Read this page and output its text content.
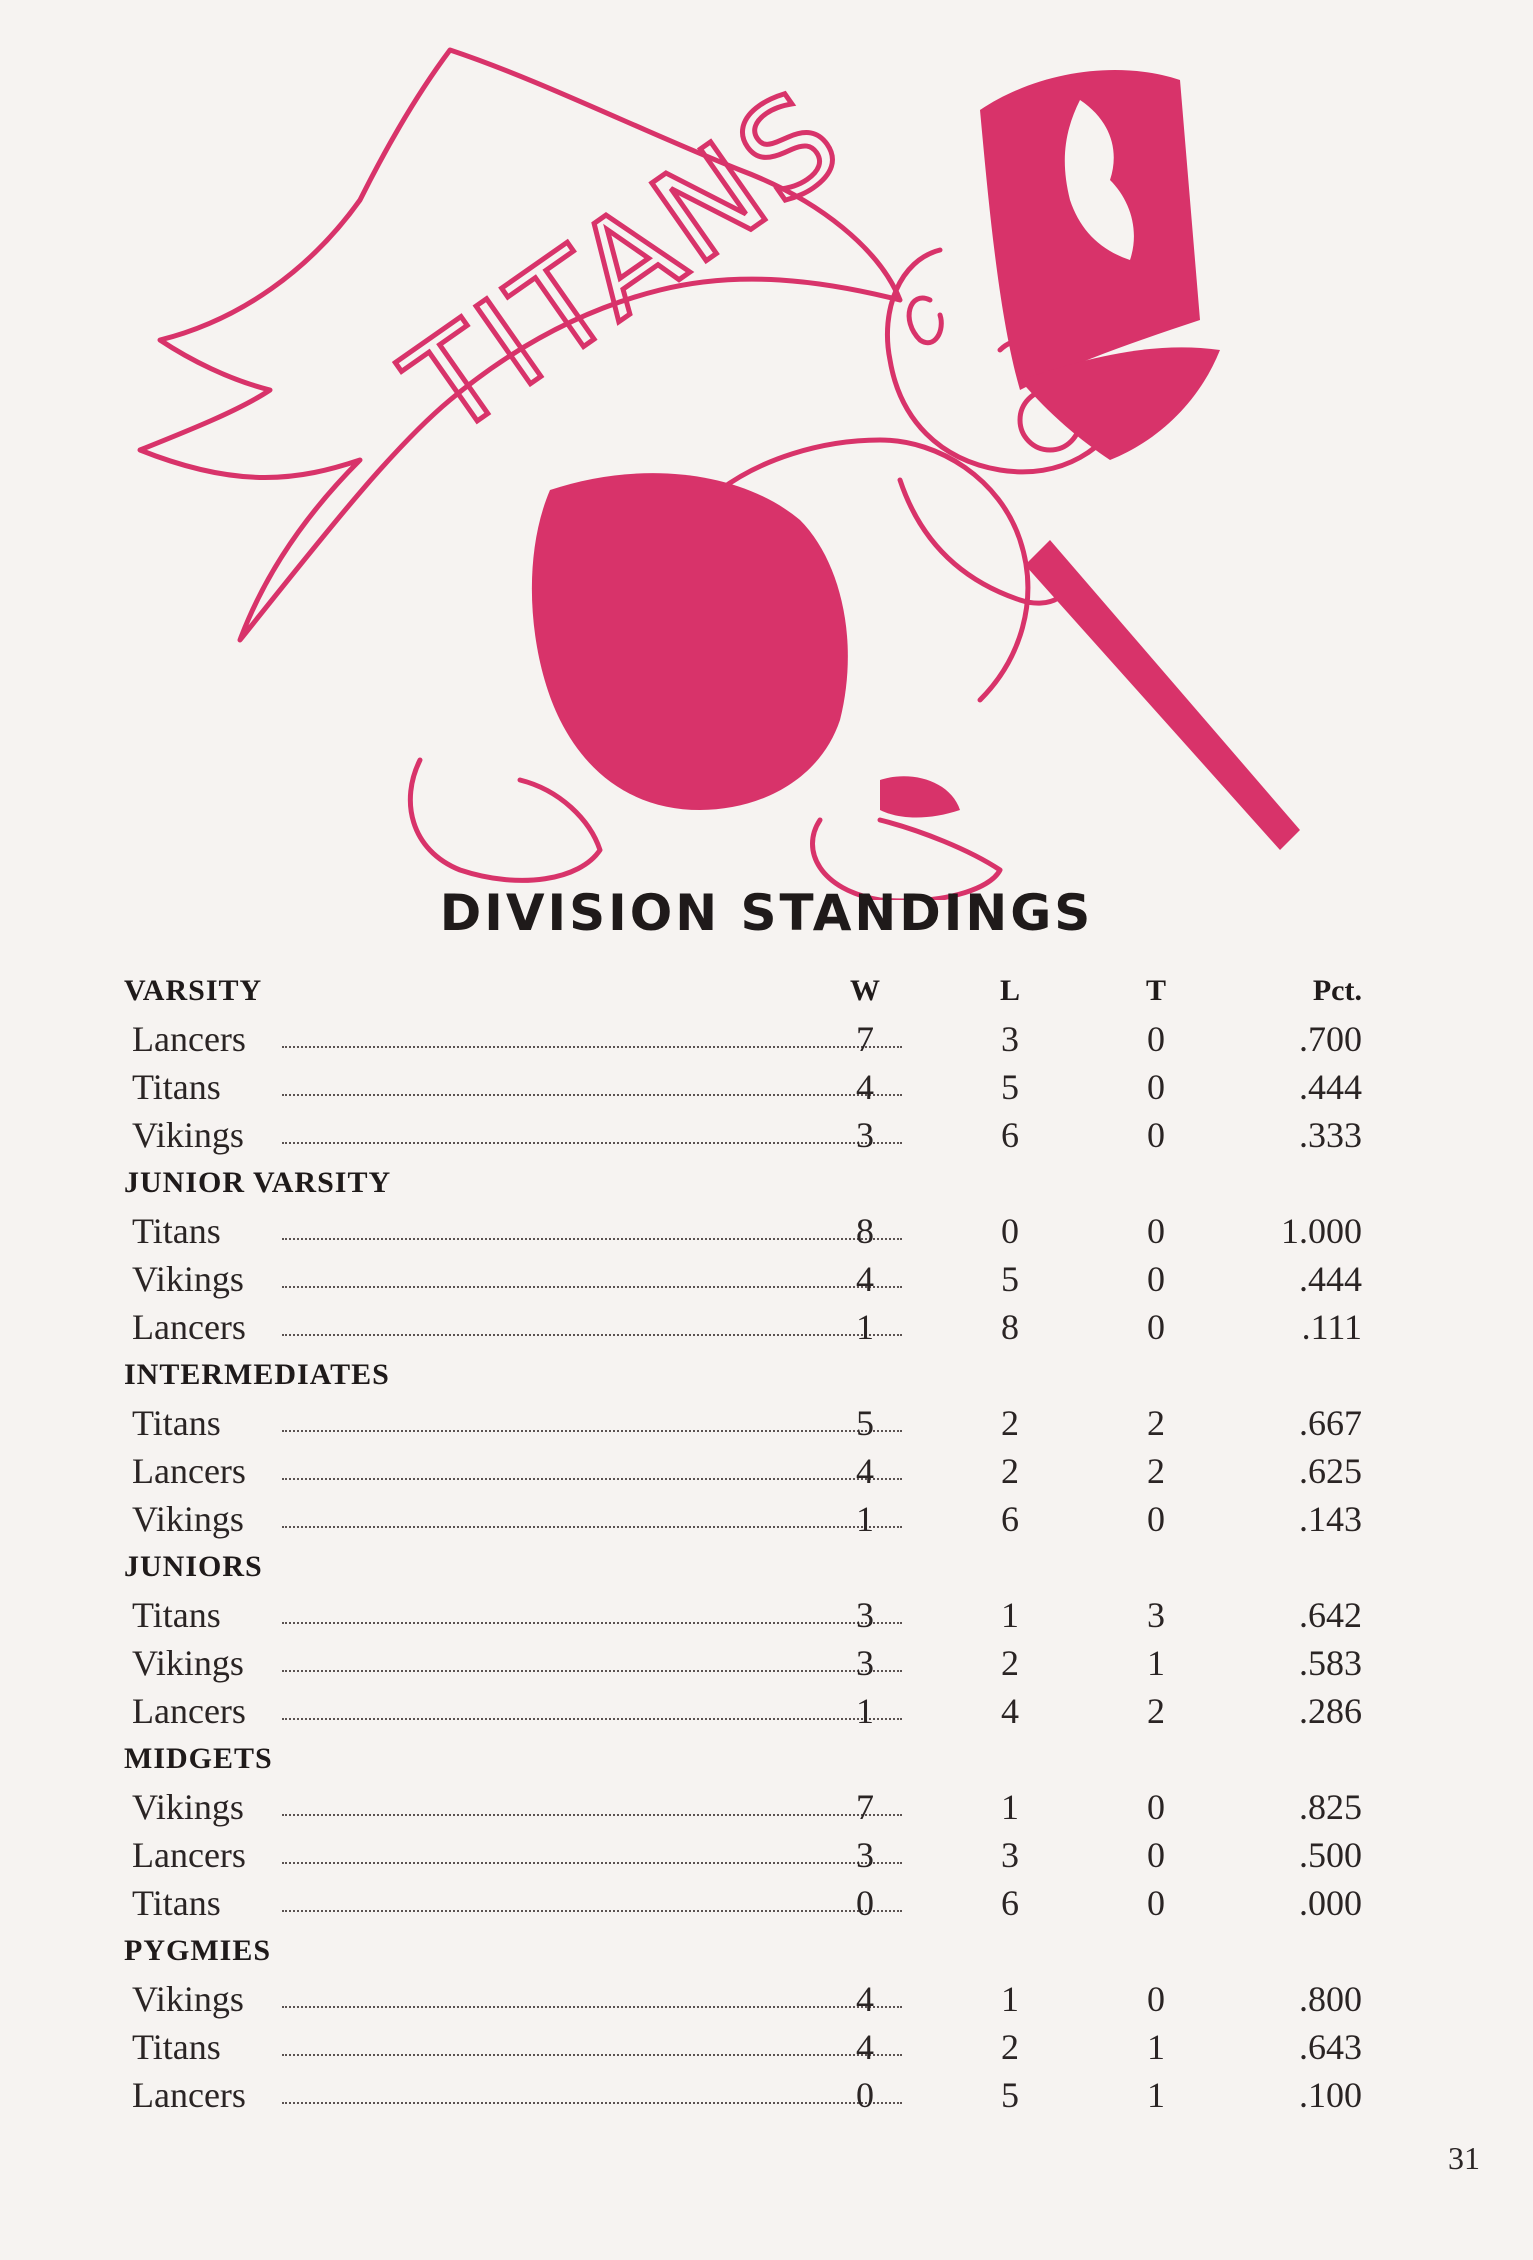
TITANS
DIVISION STANDINGS
VARSITY	W	L	T	Pct.
Lancers	7	3	0	.700
Titans	4	5	0	.444
Vikings	3	6	0	.333
JUNIOR VARSITY
Titans	8	0	0	1.000
Vikings	4	5	0	.444
Lancers	1	8	0	.111
INTERMEDIATES
Titans	5	2	2	.667
Lancers	4	2	2	.625
Vikings	1	6	0	.143
JUNIORS
Titans	3	1	3	.642
Vikings	3	2	1	.583
Lancers	1	4	2	.286
MIDGETS
Vikings	7	1	0	.825
Lancers	3	3	0	.500
Titans	0	6	0	.000
PYGMIES
Vikings	4	1	0	.800
Titans	4	2	1	.643
Lancers	0	5	1	.100
31
